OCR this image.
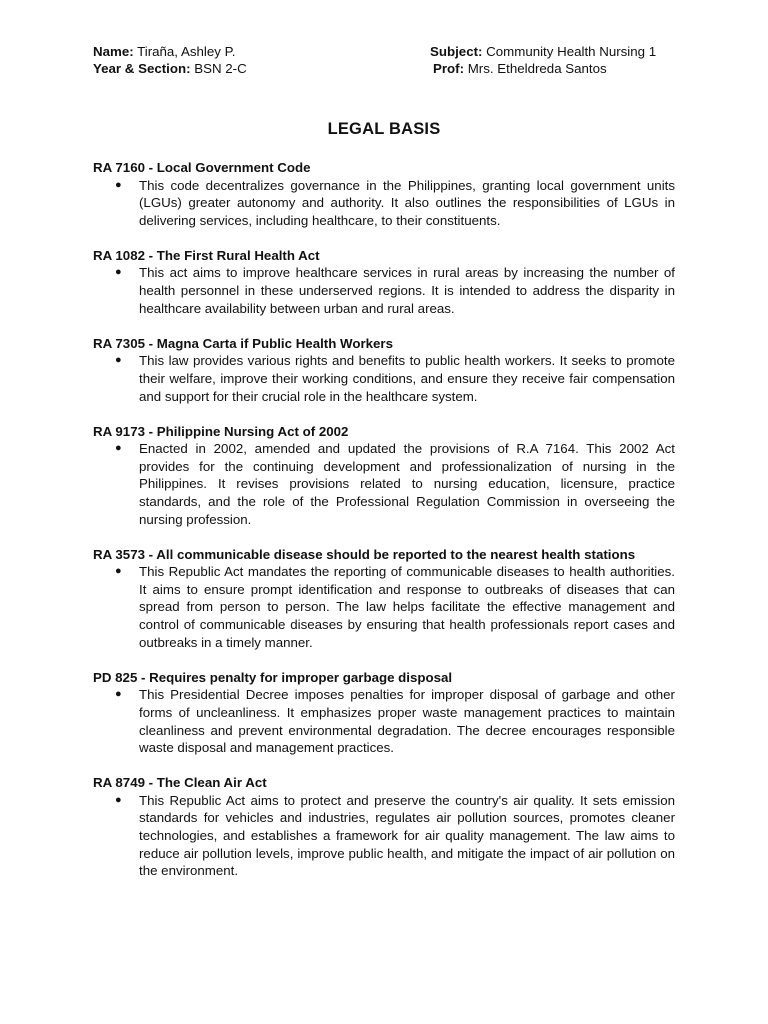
Name: Tiraña, Ashley P.
Year & Section: BSN 2-C
Subject: Community Health Nursing 1
Prof: Mrs. Etheldreda Santos
LEGAL BASIS
RA 7160 - Local Government Code
● This code decentralizes governance in the Philippines, granting local government units (LGUs) greater autonomy and authority. It also outlines the responsibilities of LGUs in delivering services, including healthcare, to their constituents.
RA 1082 - The First Rural Health Act
● This act aims to improve healthcare services in rural areas by increasing the number of health personnel in these underserved regions. It is intended to address the disparity in healthcare availability between urban and rural areas.
RA 7305 - Magna Carta if Public Health Workers
● This law provides various rights and benefits to public health workers. It seeks to promote their welfare, improve their working conditions, and ensure they receive fair compensation and support for their crucial role in the healthcare system.
RA 9173 - Philippine Nursing Act of 2002
● Enacted in 2002, amended and updated the provisions of R.A 7164. This 2002 Act provides for the continuing development and professionalization of nursing in the Philippines. It revises provisions related to nursing education, licensure, practice standards, and the role of the Professional Regulation Commission in overseeing the nursing profession.
RA 3573 - All communicable disease should be reported to the nearest health stations
● This Republic Act mandates the reporting of communicable diseases to health authorities. It aims to ensure prompt identification and response to outbreaks of diseases that can spread from person to person. The law helps facilitate the effective management and control of communicable diseases by ensuring that health professionals report cases and outbreaks in a timely manner.
PD 825 - Requires penalty for improper garbage disposal
● This Presidential Decree imposes penalties for improper disposal of garbage and other forms of uncleanliness. It emphasizes proper waste management practices to maintain cleanliness and prevent environmental degradation. The decree encourages responsible waste disposal and management practices.
RA 8749 - The Clean Air Act
● This Republic Act aims to protect and preserve the country's air quality. It sets emission standards for vehicles and industries, regulates air pollution sources, promotes cleaner technologies, and establishes a framework for air quality management. The law aims to reduce air pollution levels, improve public health, and mitigate the impact of air pollution on the environment.
